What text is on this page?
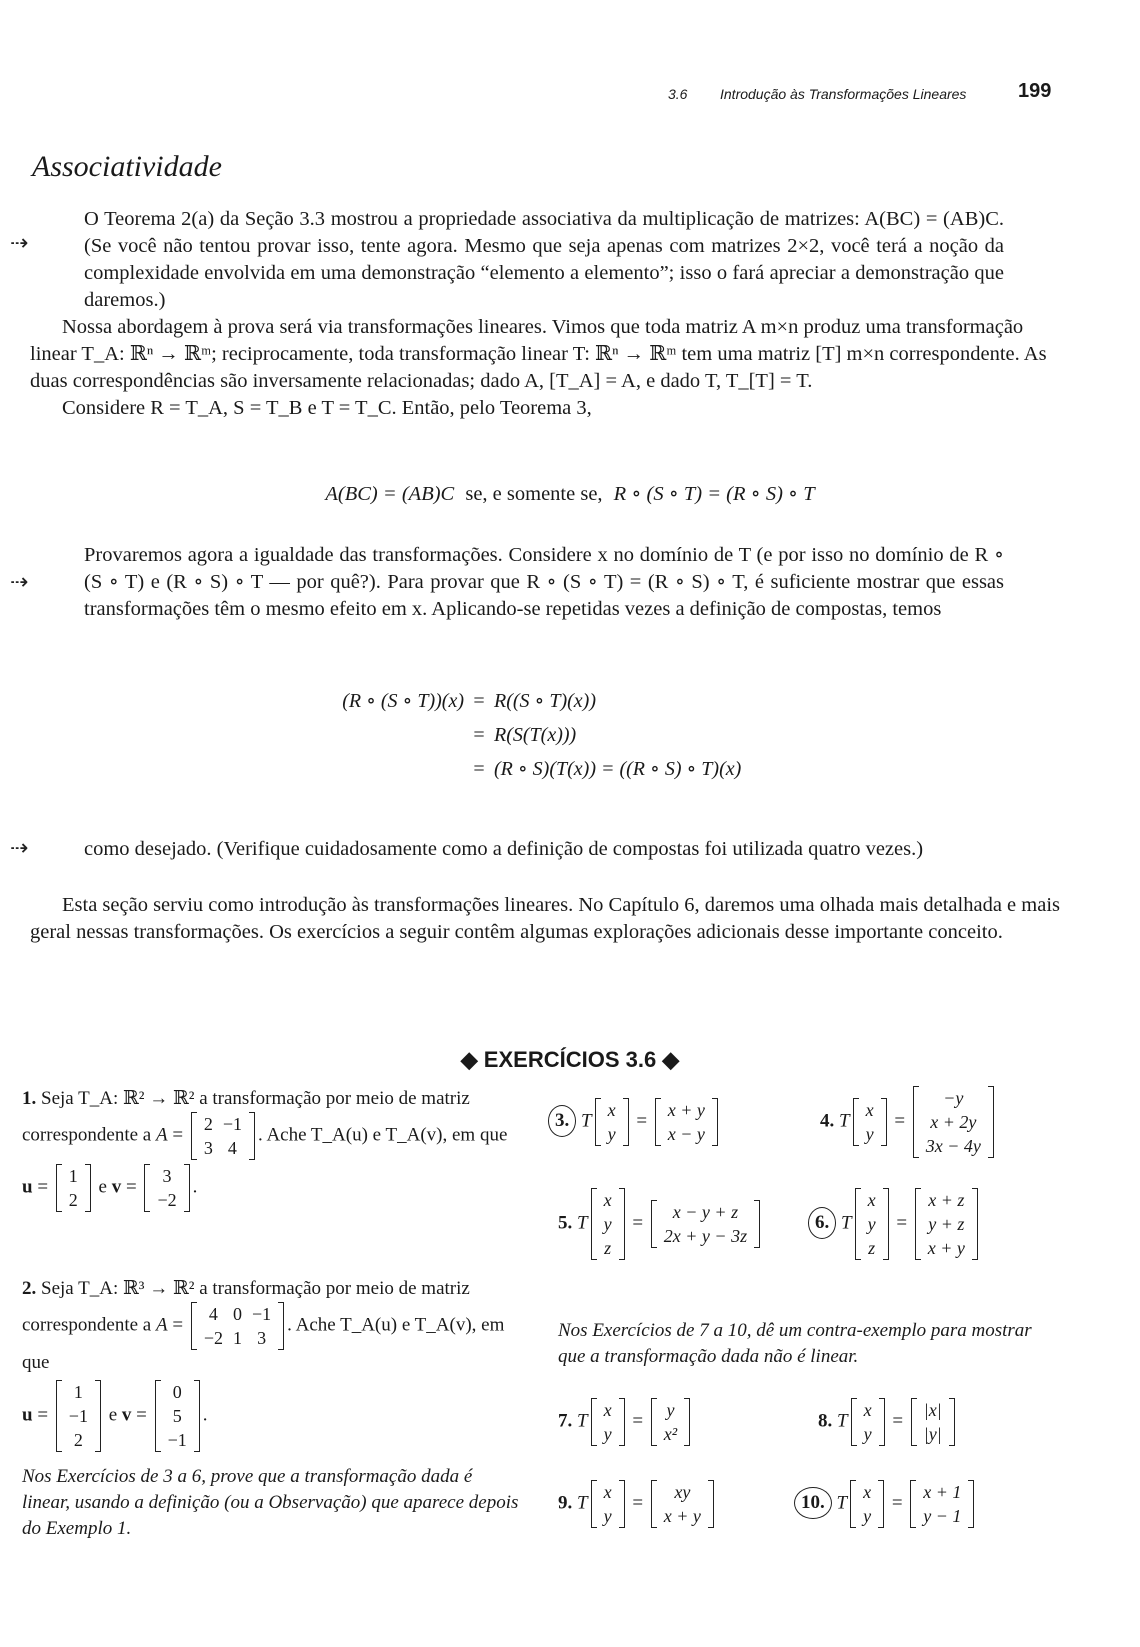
3.6 Introdução às Transformações Lineares	199
Associatividade
⇢

O Teorema 2(a) da Seção 3.3 mostrou a propriedade associativa da multiplicação de matrizes: A(BC) = (AB)C. (Se você não tentou provar isso, tente agora. Mesmo que seja apenas com matrizes 2×2, você terá a noção da complexidade envolvida em uma demonstração “elemento a elemento”; isso o fará apreciar a demonstração que daremos.)

Nossa abordagem à prova será via transformações lineares. Vimos que toda matriz A m×n produz uma transformação linear T_A: ℝⁿ → ℝᵐ; reciprocamente, toda transformação linear T: ℝⁿ → ℝᵐ tem uma matriz [T] m×n correspondente. As duas correspondências são inversamente relacionadas; dado A, [T_A] = A, e dado T, T_[T] = T.

Considere R = T_A, S = T_B e T = T_C. Então, pelo Teorema 3,

A(BC) = (AB)C se, e somente se, R ∘ (S ∘ T) = (R ∘ S) ∘ T
⇢

Provaremos agora a igualdade das transformações. Considere x no domínio de T (e por isso no domínio de R ∘ (S ∘ T) e (R ∘ S) ∘ T — por quê?). Para provar que R ∘ (S ∘ T) = (R ∘ S) ∘ T, é suficiente mostrar que essas transformações têm o mesmo efeito em x. Aplicando-se repetidas vezes a definição de compostas, temos

(R ∘ (S ∘ T))(x) = R((S ∘ T)(x))
= R(S(T(x)))
= (R ∘ S)(T(x)) = ((R ∘ S) ∘ T)(x)
⇢	como desejado. (Verifique cuidadosamente como a definição de compostas foi utilizada quatro vezes.)
Esta seção serviu como introdução às transformações lineares. No Capítulo 6, daremos uma olhada mais detalhada e mais geral nessas transformações. Os exercícios a seguir contêm algumas explorações adicionais desse importante conceito.
◆ EXERCÍCIOS 3.6 ◆
1. Seja T_A: ℝ² → ℝ² a transformação por meio de matriz correspondente a A =
2	−1
3	4
. Ache T_A(u) e T_A(v), em que
u =
1
2
e v =
3
−2
.
2. Seja T_A: ℝ³ → ℝ² a transformação por meio de matriz correspondente a A =
4	0	−1
−2	1	3
. Ache T_A(u) e T_A(v), em que
u =
1
−1
2
e v =
0
5
−1
.
Nos Exercícios de 3 a 6, prove que a transformação dada é linear, usando a definição (ou a Observação) que aparece depois do Exemplo 1.
3. T
x
y
=
x + y
x − y
4. T
x
y
=
−y
x + 2y
3x − 4y
5. T
x
y
z
=
x − y + z
2x + y − 3z
6. T
x
y
z
=
x + z
y + z
x + y
Nos Exercícios de 7 a 10, dê um contra-exemplo para mostrar que a transformação dada não é linear.
7. T
x
y
=
y
x²
8. T
x
y
=
|x|
|y|
9. T
x
y
=
xy
x + y
10. T
x
y
=
x + 1
y − 1
